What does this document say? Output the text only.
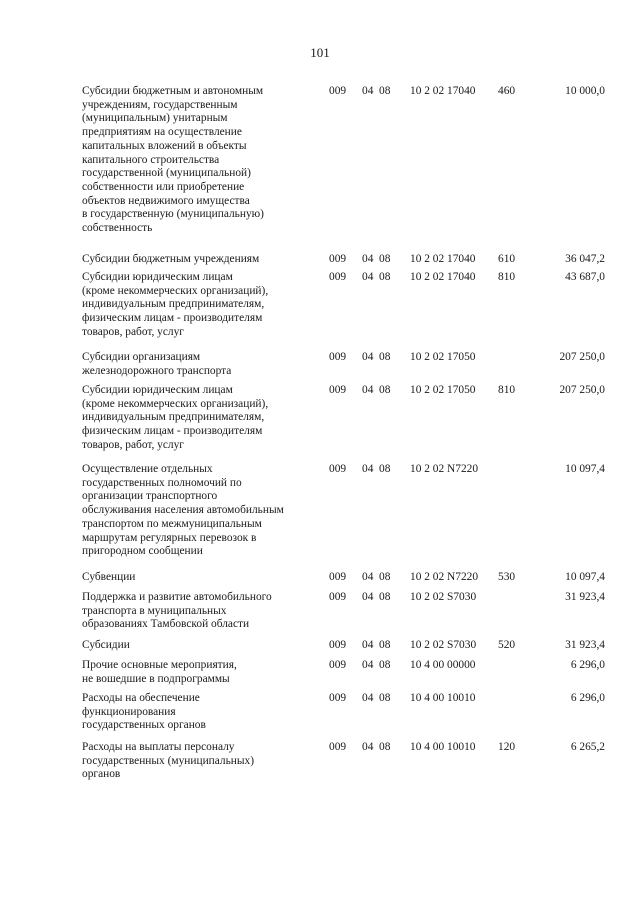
101
Субсидии бюджетным и автономным
учреждениям, государственным
(муниципальным) унитарным
предприятиям на осуществление
капитальных вложений в объекты
капитального строительства
государственной (муниципальной)
собственности или приобретение
объектов недвижимого имущества
в государственную (муниципальную)
собственность
009 04 08 10 2 02 17040 460	10 000,0
Субсидии бюджетным учреждениям	009 04 08 10 2 02 17040 610	36 047,2
Субсидии юридическим лицам
(кроме некоммерческих организаций),
индивидуальным предпринимателям,
физическим лицам - производителям
товаров, работ, услуг
009 04 08 10 2 02 17040 810	43 687,0
Субсидии организациям
железнодорожного транспорта
009 04 08 10 2 02 17050	207 250,0
Субсидии юридическим лицам
(кроме некоммерческих организаций),
индивидуальным предпринимателям,
физическим лицам - производителям
товаров, работ, услуг
009 04 08 10 2 02 17050 810	207 250,0
Осуществление отдельных
государственных полномочий по
организации транспортного
обслуживания населения автомобильным
транспортом по межмуниципальным
маршрутам регулярных перевозок в
пригородном сообщении
009 04 08 10 2 02 N7220	10 097,4
Субвенции	009 04 08 10 2 02 N7220 530	10 097,4
Поддержка и развитие автомобильного
транспорта в муниципальных
образованиях Тамбовской области
009 04 08 10 2 02 S7030	31 923,4
Субсидии	009 04 08 10 2 02 S7030 520	31 923,4
Прочие основные мероприятия,
не вошедшие в подпрограммы
009 04 08 10 4 00 00000	6 296,0
Расходы на обеспечение
функционирования
государственных органов
009 04 08 10 4 00 10010	6 296,0
Расходы на выплаты персоналу
государственных (муниципальных)
органов
009 04 08 10 4 00 10010 120	6 265,2
